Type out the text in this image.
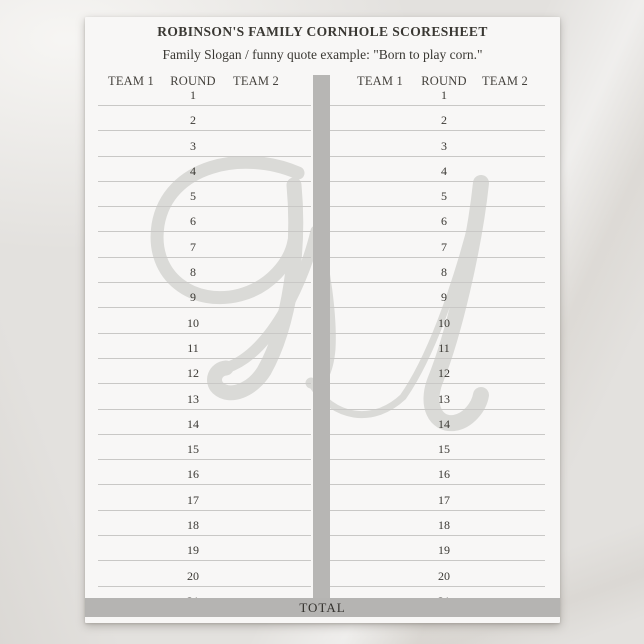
ROBINSON'S FAMILY CORNHOLE SCORESHEET
Family Slogan / funny quote example: "Born to play corn."
TEAM 1 ROUND TEAM 2
1
2
3
4
5
6
7
8
9
10
11
12
13
14
15
16
17
18
19
20
TEAM 1 ROUND TEAM 2
1
2
3
4
5
6
7
8
9
10
11
12
13
14
15
16
17
18
19
20
TOTAL
